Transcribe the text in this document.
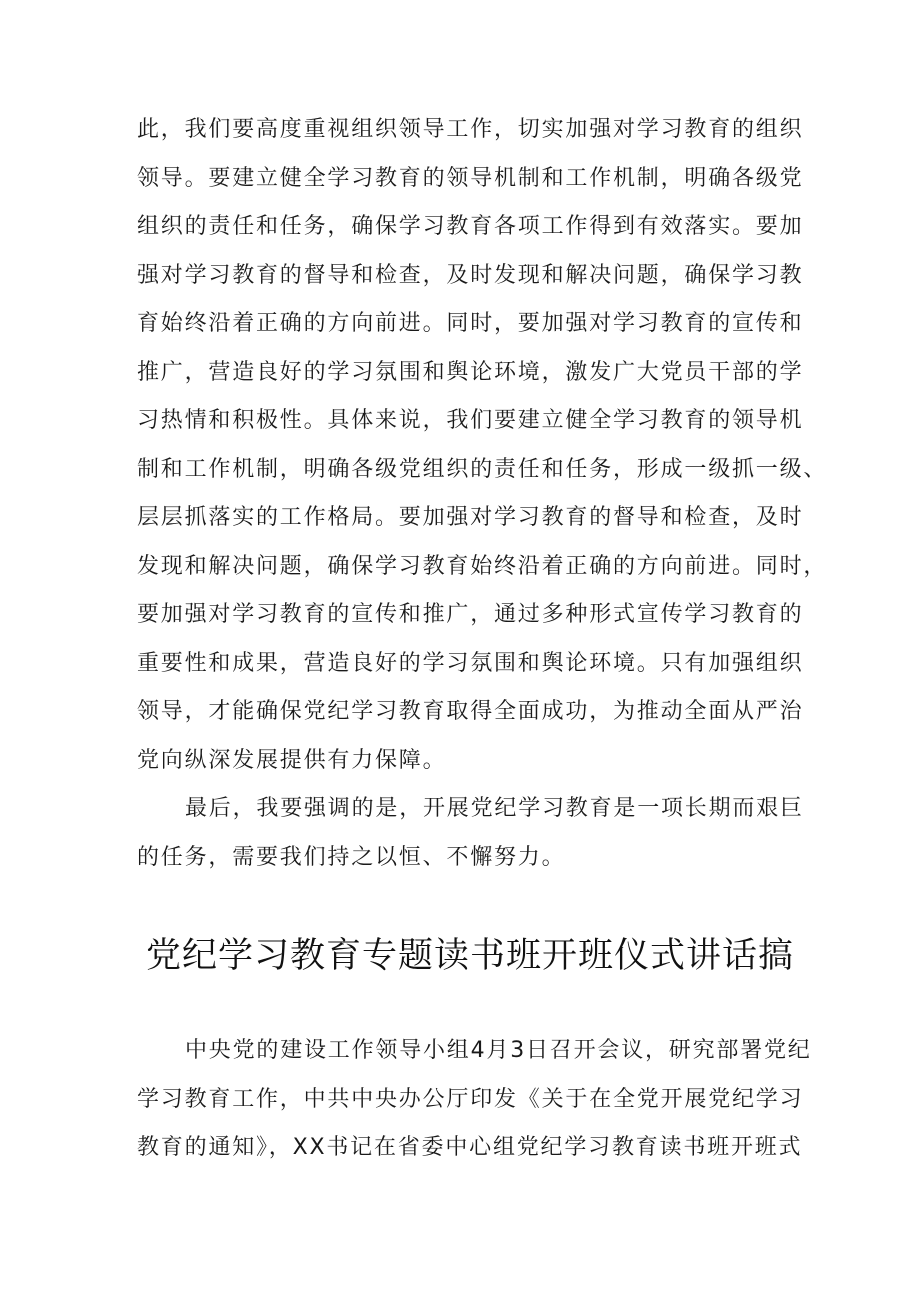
此，我们要高度重视组织领导工作，切实加强对学习教育的组织
领导。要建立健全学习教育的领导机制和工作机制，明确各级党
组织的责任和任务，确保学习教育各项工作得到有效落实。要加
强对学习教育的督导和检查，及时发现和解决问题，确保学习教
育始终沿着正确的方向前进。同时，要加强对学习教育的宣传和
推广，营造良好的学习氛围和舆论环境，激发广大党员干部的学
习热情和积极性。具体来说，我们要建立健全学习教育的领导机
制和工作机制，明确各级党组织的责任和任务，形成一级抓一级、
层层抓落实的工作格局。要加强对学习教育的督导和检查，及时
发现和解决问题，确保学习教育始终沿着正确的方向前进。同时，
要加强对学习教育的宣传和推广，通过多种形式宣传学习教育的
重要性和成果，营造良好的学习氛围和舆论环境。只有加强组织
领导，才能确保党纪学习教育取得全面成功，为推动全面从严治
党向纵深发展提供有力保障。
最后，我要强调的是，开展党纪学习教育是一项长期而艰巨
的任务，需要我们持之以恒、不懈努力。
党纪学习教育专题读书班开班仪式讲话搞
中央党的建设工作领导小组4月3日召开会议，研究部署党纪
学习教育工作，中共中央办公厅印发《关于在全党开展党纪学习
教育的通知》，XX书记在省委中心组党纪学习教育读书班开班式
